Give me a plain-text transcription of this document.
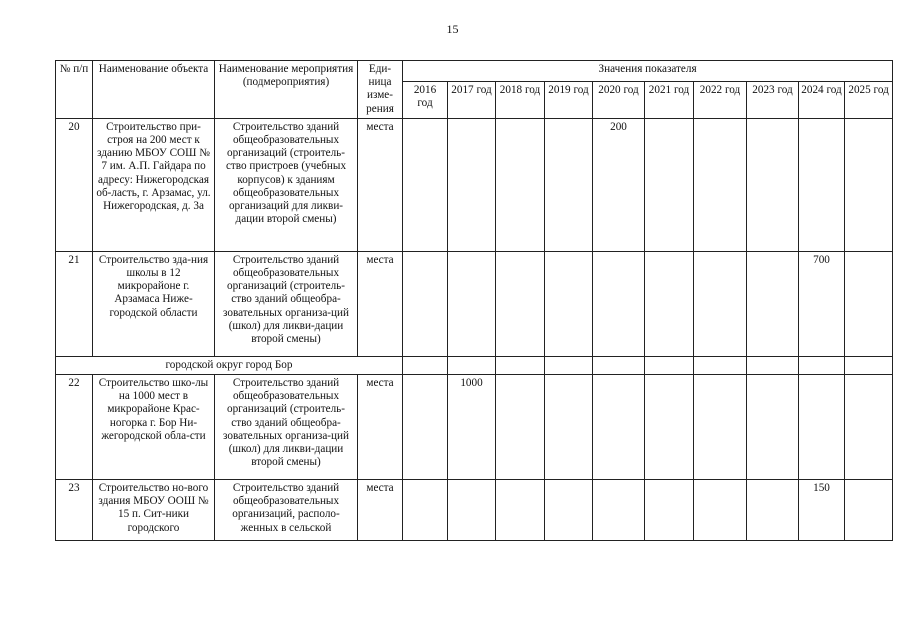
15
№ п/п	Наименование объекта	Наименование мероприятия (подмероприятия)	Еди-ница изме-рения	Значения показателя									
				2016 год	2017 год	2018 год	2019 год	2020 год	2021 год	2022 год	2023 год	2024 год	2025 год
20	Строительство при-строя на 200 мест к зданию МБОУ СОШ № 7 им. А.П. Гайдара по адресу: Нижегородская об-ласть, г. Арзамас, ул. Нижегородская, д. 3а	Строительство зданий общеобразовательных организаций (строитель-ство пристроев (учебных корпусов) к зданиям общеобразовательных организаций для ликви-дации второй смены)	места					200					
21	Строительство зда-ния школы в 12 микрорайоне г. Арзамаса Ниже-городской области	Строительство зданий общеобразовательных организаций (строитель-ство зданий общеобра-зовательных организа-ций (школ) для ликви-дации второй смены)	места									700	
городской округ город Бор													
22	Строительство шко-лы на 1000 мест в микрорайоне Крас-ногорка г. Бор Ни-жегородской обла-сти	Строительство зданий общеобразовательных организаций (строитель-ство зданий общеобра-зовательных организа-ций (школ) для ликви-дации второй смены)	места		1000								
23	Строительство но-вого здания МБОУ ООШ № 15 п. Сит-ники городского	Строительство зданий общеобразовательных организаций, располо-женных в сельской	места									150	
